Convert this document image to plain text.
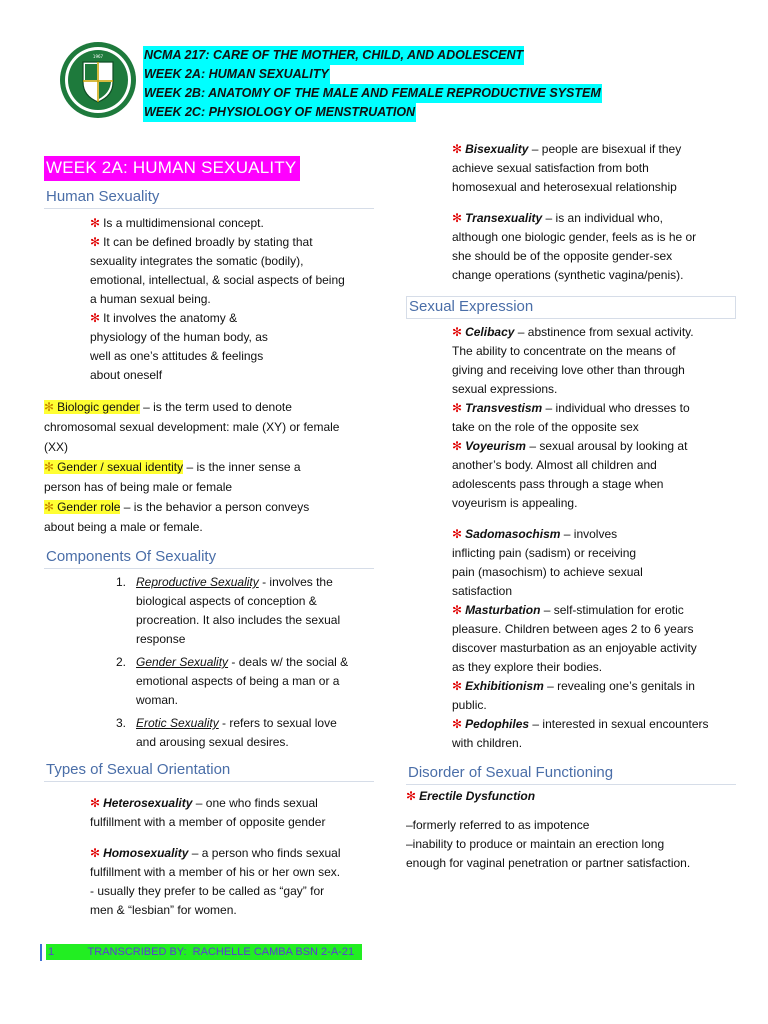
1967	NCMA 217: CARE OF THE MOTHER, CHILD, AND ADOLESCENT
WEEK 2A: HUMAN SEXUALITY
WEEK 2B: ANATOMY OF THE MALE AND FEMALE REPRODUCTIVE SYSTEM
WEEK 2C: PHYSIOLOGY OF MENSTRUATION
WEEK 2A: HUMAN SEXUALITY
Human Sexuality

✻ Is a multidimensional concept.

✻ It can be defined broadly by stating that

sexuality integrates the somatic (bodily),

emotional, intellectual, & social aspects of being

a human sexual being.

✻ It involves the anatomy &

physiology of the human body, as

well as one’s attitudes & feelings

about oneself

✻ Biologic gender – is the term used to denote

chromosomal sexual development: male (XY) or female

(XX)

✻ Gender / sexual identity – is the inner sense a

person has of being male or female

✻ Gender role – is the behavior a person conveys

about being a male or female.

Components Of Sexuality
1. Reproductive Sexuality - involves the
biological aspects of conception &
procreation. It also includes the sexual
response
2. Gender Sexuality - deals w/ the social &
emotional aspects of being a man or a
woman.
3. Erotic Sexuality - refers to sexual love
and arousing sexual desires.
Types of Sexual Orientation

✻ Heterosexuality – one who finds sexual

fulfillment with a member of opposite gender

✻ Homosexuality – a person who finds sexual

fulfillment with a member of his or her own sex.

- usually they prefer to be called as “gay” for

men & “lesbian” for women.

✻ Bisexuality – people are bisexual if they

achieve sexual satisfaction from both

homosexual and heterosexual relationship

✻ Transexuality – is an individual who,

although one biologic gender, feels as is he or

she should be of the opposite gender-sex

change operations (synthetic vagina/penis).

Sexual Expression

✻ Celibacy – abstinence from sexual activity.

The ability to concentrate on the means of

giving and receiving love other than through

sexual expressions.

✻ Transvestism – individual who dresses to

take on the role of the opposite sex

✻ Voyeurism – sexual arousal by looking at

another’s body. Almost all children and

adolescents pass through a stage when

voyeurism is appealing.

✻ Sadomasochism – involves

inflicting pain (sadism) or receiving

pain (masochism) to achieve sexual

satisfaction

✻ Masturbation – self-stimulation for erotic

pleasure. Children between ages 2 to 6 years

discover masturbation as an enjoyable activity

as they explore their bodies.

✻ Exhibitionism – revealing one’s genitals in

public.

✻ Pedophiles – interested in sexual encounters

with children.

Disorder of Sexual Functioning

✻ Erectile Dysfunction

–formerly referred to as impotence

–inability to produce or maintain an erection long

enough for vaginal penetration or partner satisfaction.

1	TRANSCRIBED BY:  RACHELLE CAMBA BSN 2-A-21
